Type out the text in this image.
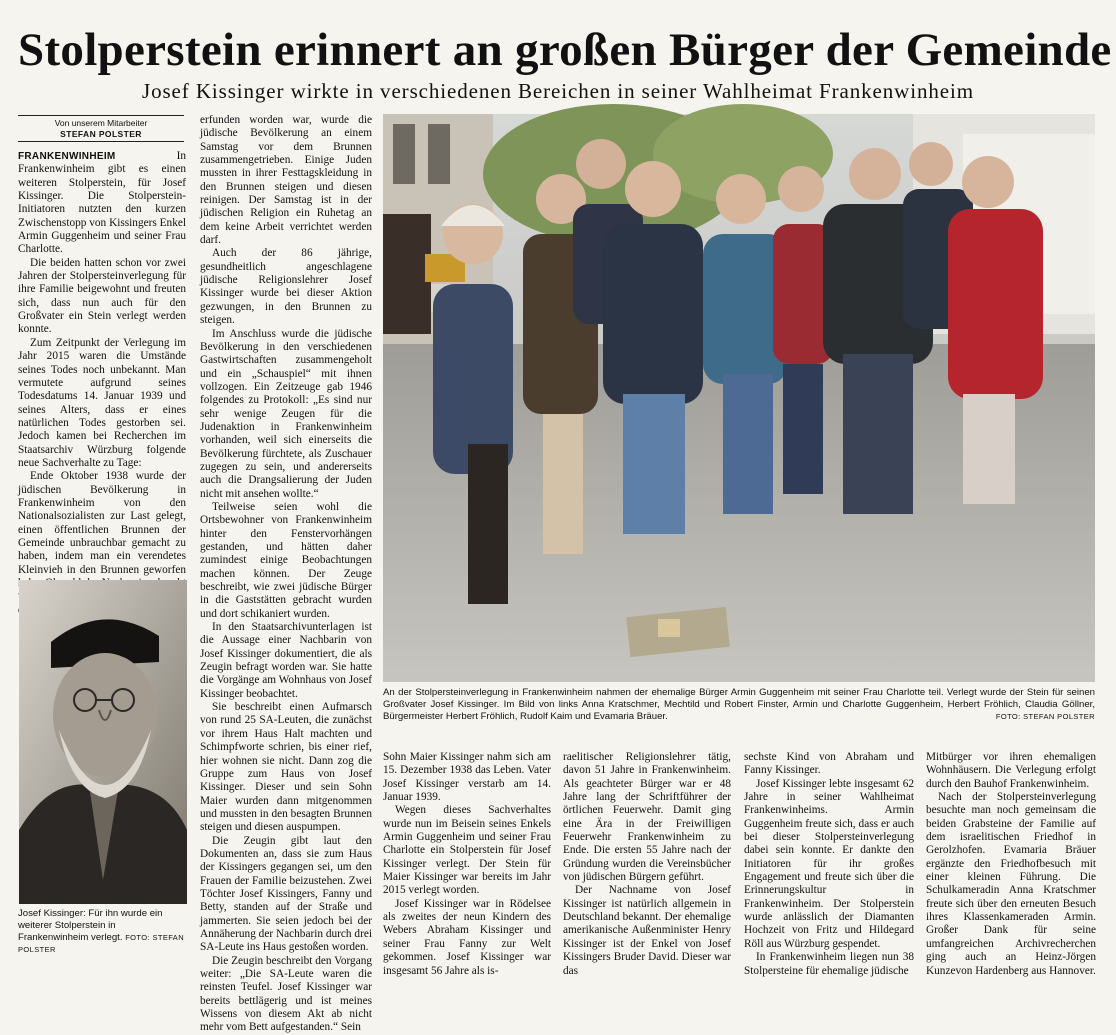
Stolperstein erinnert an großen Bürger der Gemeinde
Josef Kissinger wirkte in verschiedenen Bereichen in seiner Wahlheimat Frankenwinheim
Von unserem Mitarbeiter
STEFAN POLSTER

FRANKENWINHEIM	In Frankenwinheim gibt es einen weiteren Stolperstein, für Josef Kissinger. Die Stolperstein-Initiatoren nutzten den kurzen Zwischenstopp von Kissingers Enkel Armin Guggenheim und seiner Frau Charlotte.

Die beiden hatten schon vor zwei Jahren der Stolpersteinverlegung für ihre Familie beigewohnt und freuten sich, dass nun auch für den Großvater ein Stein verlegt werden konnte.

Zum Zeitpunkt der Verlegung im Jahr 2015 waren die Umstände seines Todes noch unbekannt. Man vermutete aufgrund seines Todesdatums 14. Januar 1939 und seines Alters, dass er eines natürlichen Todes gestorben sei. Jedoch kamen bei Recherchen im Staatsarchiv Würzburg folgende neue Sachverhalte zu Tage:

Ende Oktober 1938 wurde der jüdischen Bevölkerung in Frankenwinheim von den Nationalsozialisten zur Last gelegt, einen öffentlichen Brunnen der Gemeinde unbrauchbar gemacht zu haben, indem man ein verendetes Kleinvieh in den Brunnen geworfen

Josef Kissinger: Für ihn wurde ein weiterer Stolperstein in Frankenwinheim verlegt. FOTO: STEFAN POLSTER

erfunden worden war, wurde die jüdische Bevölkerung an einem Samstag vor dem Brunnen zusammengetrieben. Einige Juden mussten in ihrer Festtagskleidung in den Brunnen steigen und diesen reinigen. Der Samstag ist in der jüdischen Religion ein Ruhetag an dem keine Arbeit verrichtet werden darf.

Auch der 86 jährige, gesundheitlich angeschlagene jüdische Religionslehrer Josef Kissinger wurde bei dieser Aktion gezwungen, in den Brunnen zu steigen.

Im Anschluss wurde die jüdische Bevölkerung in den verschiedenen Gastwirtschaften zusammengeholt und ein „Schauspiel“ mit ihnen vollzogen. Ein Zeitzeuge gab 1946 folgendes zu Protokoll: „Es sind nur sehr wenige Zeugen für die Judenaktion in Frankenwinheim vorhanden, weil sich einerseits die Bevölkerung fürchtete, als Zuschauer zugegen zu sein, und andererseits auch die Drangsalierung der Juden nicht mit ansehen wollte.“

Teilweise seien wohl die Ortsbewohner von Frankenwinheim hinter den Fenstervorhängen gestanden, und hätten daher zumindest einige Beobachtungen machen können. Der Zeuge beschreibt, wie zwei jüdische Bürger in die Gaststätten gebracht wurden und dort schikaniert wurden.

In den Staatsarchivunterlagen ist die Aussage einer Nachbarin von Josef Kissinger dokumentiert, die als Zeugin befragt worden war. Sie hatte die Vorgänge am Wohnhaus von Josef Kissinger beobachtet.

Sie beschreibt einen Aufmarsch von rund 25 SA-Leuten, die zunächst vor ihrem Haus Halt machten und Schimpfworte schrien, bis einer rief, hier wohnen sie nicht. Dann zog die Gruppe zum Haus von Josef Kissinger. Dieser und sein Sohn Maier wurden dann mitgenommen und mussten in den besagten Brunnen steigen und diesen auspumpen.

Die Zeugin gibt laut den Dokumenten an, dass sie zum Haus der Kissingers gegangen sei, um den Frauen der Familie beizustehen. Zwei Töchter Josef Kissingers, Fanny und Betty, standen auf der Straße und jammerten. Sie seien jedoch bei der Annäherung der Nachbarin durch drei SA-Leute ins Haus gestoßen worden.

Die Zeugin beschreibt den Vorgang weiter: „Die SA-Leute waren die reinsten Teufel. Josef Kissinger war bereits bettlägerig und ist meines Wissens von diesem Akt ab nicht mehr vom Bett aufgestanden.“ Sein

An der Stolpersteinverlegung in Frankenwinheim nahmen der ehemalige Bürger Armin Guggenheim mit seiner Frau Charlotte teil. Verlegt wurde der Stein für seinen Großvater Josef Kissinger. Im Bild von links Anna Kratschmer, Mechtild und Robert Finster, Armin und Charlotte Guggenheim, Herbert Fröhlich, Claudia Göllner, Bürgermeister Herbert Fröhlich, Rudolf Kaim und Evamaria Bräuer.	FOTO: STEFAN POLSTER

Sohn Maier Kissinger nahm sich am 15. Dezember 1938 das Leben. Vater Josef Kissinger verstarb am 14. Januar 1939.

Wegen dieses Sachverhaltes wurde nun im Beisein seines Enkels Armin Guggenheim und seiner Frau Charlotte ein Stolperstein für Josef Kissinger verlegt. Der Stein für Maier Kissinger war bereits im Jahr 2015 verlegt worden.

Josef Kissinger war in Rödelsee als zweites der neun Kindern des Webers Abraham Kissinger und seiner Frau Fanny zur Welt gekommen. Josef Kissinger war insgesamt 56 Jahre als is-

raelitischer Religionslehrer tätig, davon 51 Jahre in Frankenwinheim. Als geachteter Bürger war er 48 Jahre lang der Schriftführer der örtlichen Feuerwehr. Damit ging eine Ära in der Freiwilligen Feuerwehr Frankenwinheim zu Ende. Die ersten 55 Jahre nach der Gründung wurden die Vereinsbücher von jüdischen Bürgern geführt.

Der Nachname von Josef Kissinger ist natürlich allgemein in Deutschland bekannt. Der ehemalige amerikanische Außenminister Henry Kissinger ist der Enkel von Josef Kissingers Bruder David. Dieser war das

sechste Kind von Abraham und Fanny Kissinger.

Josef Kissinger lebte insgesamt 62 Jahre in seiner Wahlheimat Frankenwinheims. Armin Guggenheim freute sich, dass er auch bei dieser Stolpersteinverlegung dabei sein konnte. Er dankte den Initiatoren für ihr großes Engagement und freute sich über die Erinnerungskultur in Frankenwinheim. Der Stolperstein wurde anlässlich der Diamanten Hochzeit von Fritz und Hildegard Röll aus Würzburg gespendet.

In Frankenwinheim liegen nun 38 Stolpersteine für ehemalige jüdische

Mitbürger vor ihren ehemaligen Wohnhäusern. Die Verlegung erfolgt durch den Bauhof Frankenwinheim.

Nach der Stolpersteinverlegung besuchte man noch gemeinsam die beiden Grabsteine der Familie auf dem israelitischen Friedhof in Gerolzhofen. Evamaria Bräuer ergänzte den Friedhofbesuch mit einer kleinen Führung. Die Schulkameradin Anna Kratschmer freute sich über den erneuten Besuch ihres Klassenkameraden Armin. Großer Dank für seine umfangreichen Archivrecherchen ging auch an Heinz-Jörgen Kunzevon Hardenberg aus Hannover.
